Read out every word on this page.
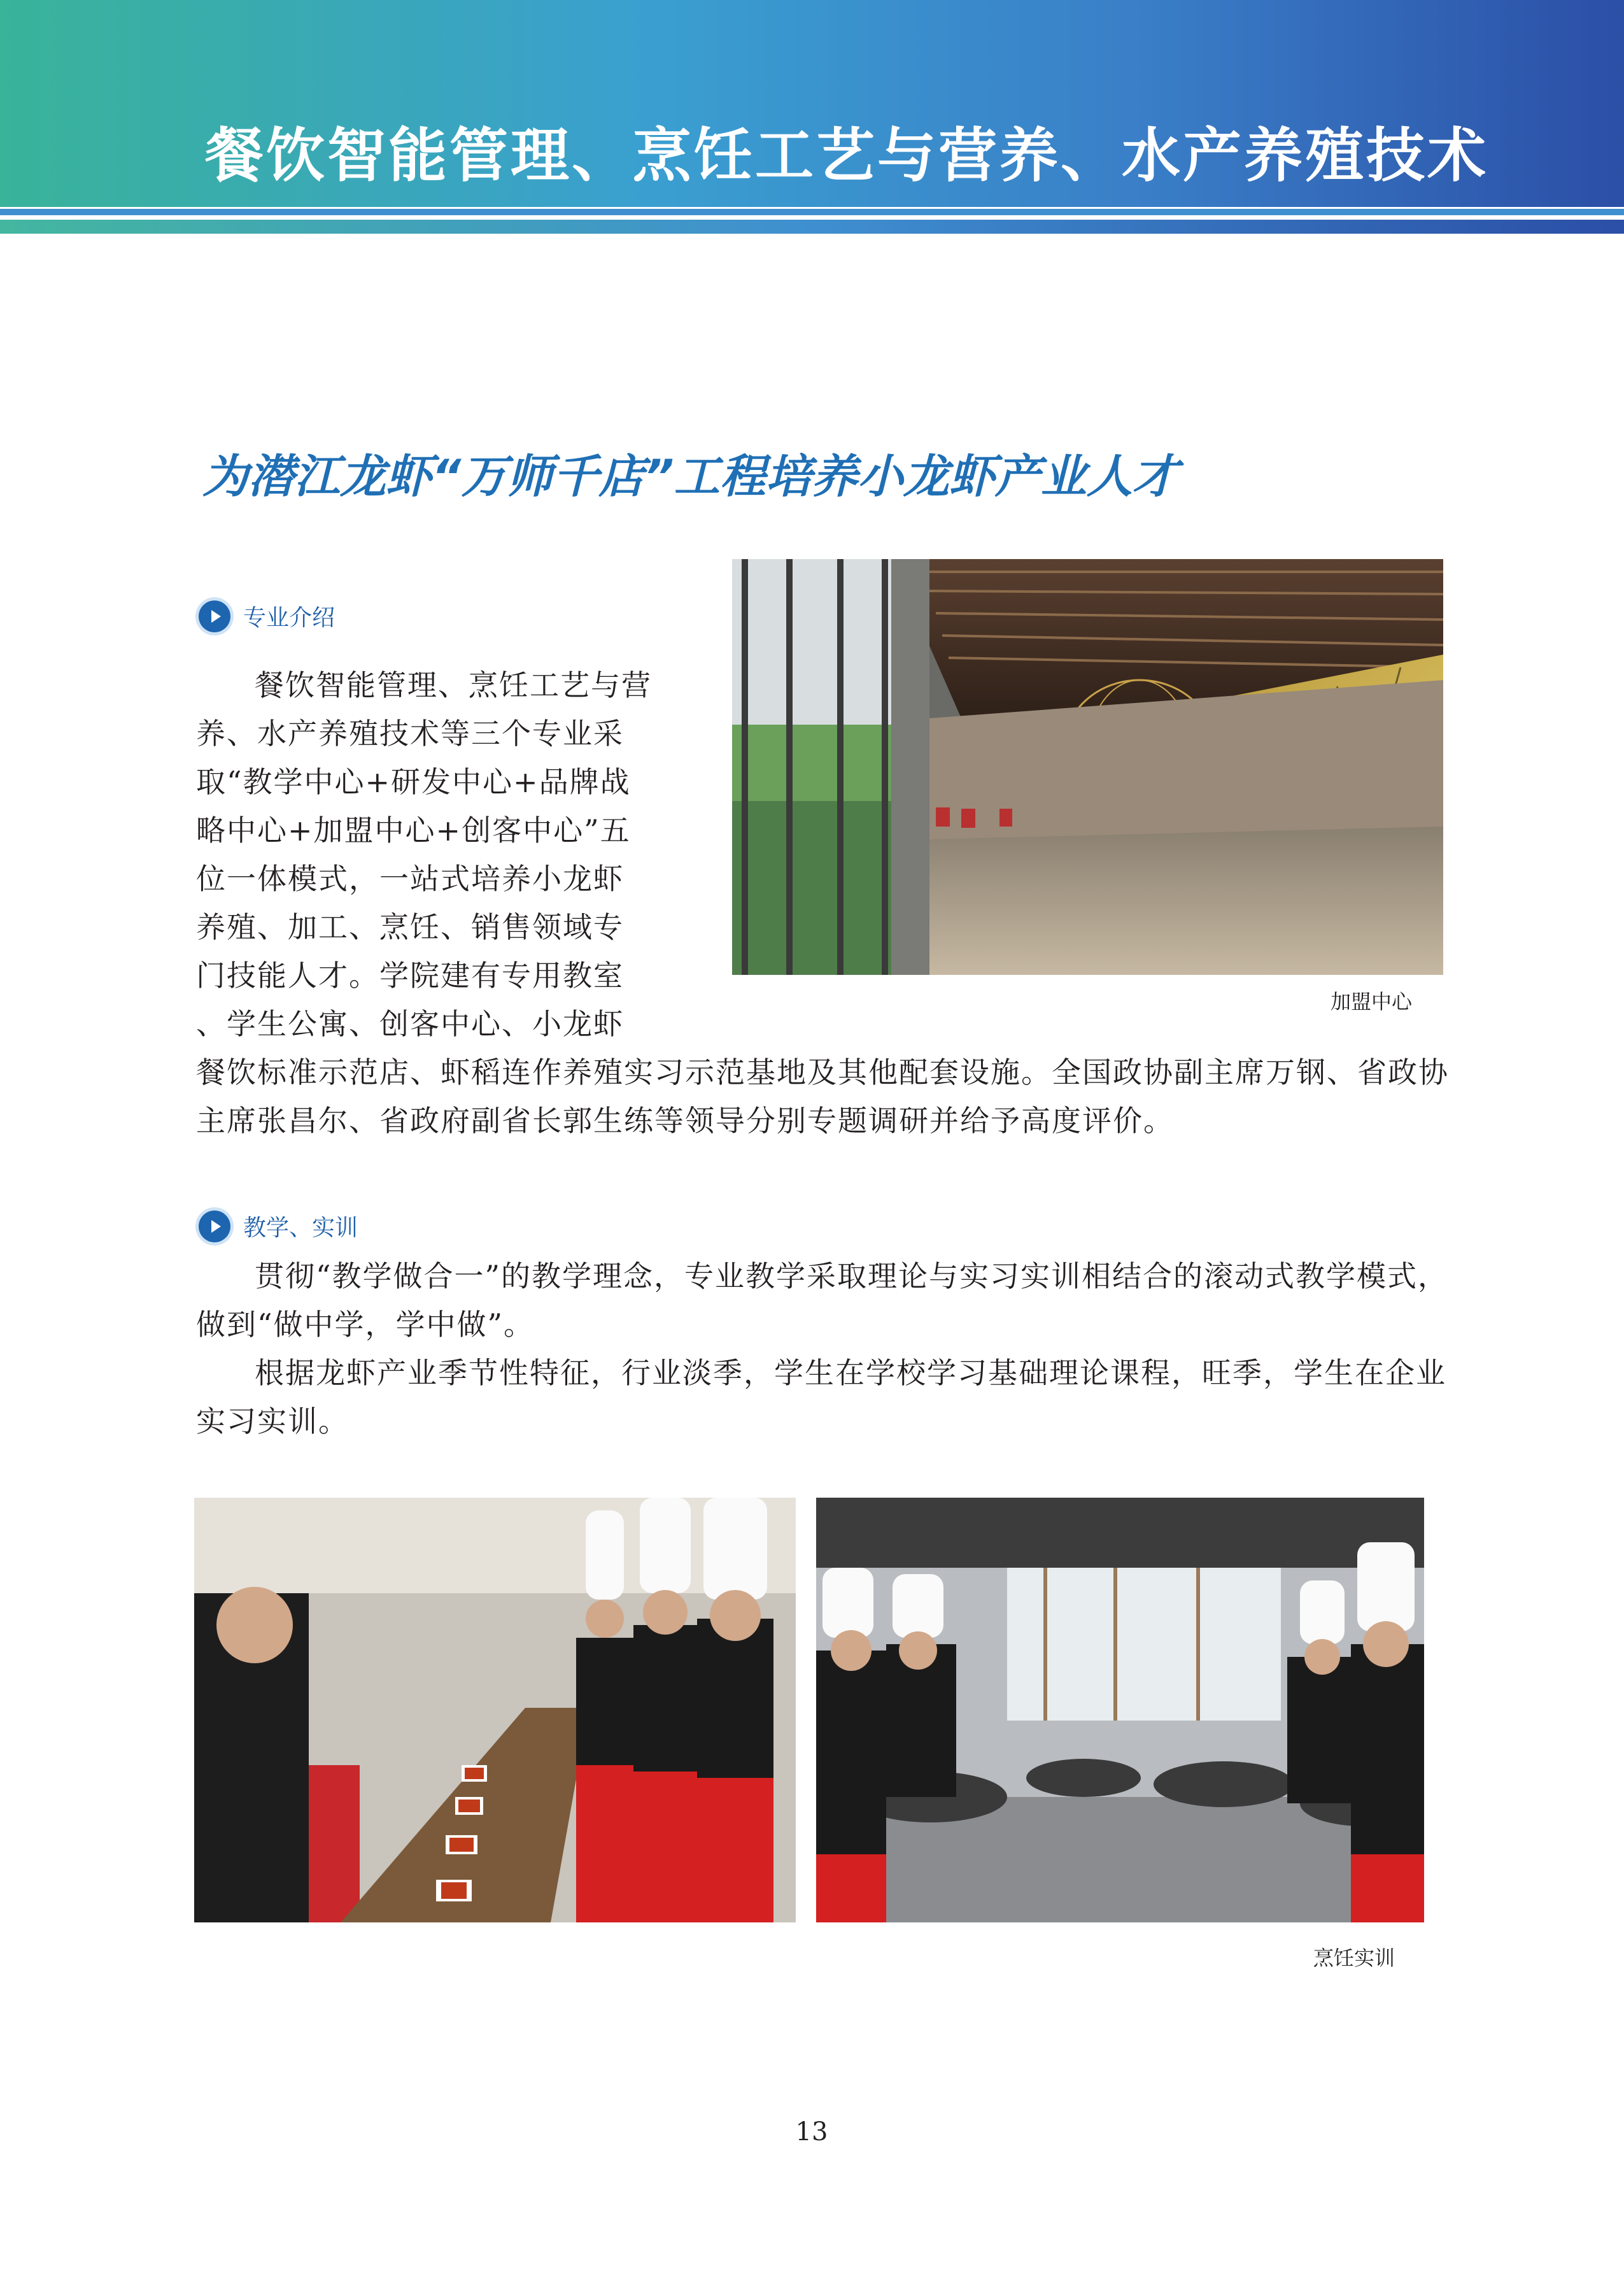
餐饮智能管理、烹饪工艺与营养、水产养殖技术
为潜江龙虾“万师千店”工程培养小龙虾产业人才
专业介绍
餐饮智能管理、烹饪工艺与营
养、水产养殖技术等三个专业采
取“教学中心+研发中心+品牌战
略中心+加盟中心+创客中心”五
位一体模式，一站式培养小龙虾
养殖、加工、烹饪、销售领域专
门技能人才。学院建有专用教室
、学生公寓、创客中心、小龙虾

餐饮标准示范店、虾稻连作养殖实习示范基地及其他配套设施。全国政协副主席万钢、省政协主席张昌尔、省政府副省长郭生练等领导分别专题调研并给予高度评价。

加盟中心
教学、实训

贯彻“教学做合一”的教学理念，专业教学采取理论与实习实训相结合的滚动式教学模式，做到“做中学，学中做”。

根据龙虾产业季节性特征，行业淡季，学生在学校学习基础理论课程，旺季，学生在企业实习实训。

烹饪实训
13
